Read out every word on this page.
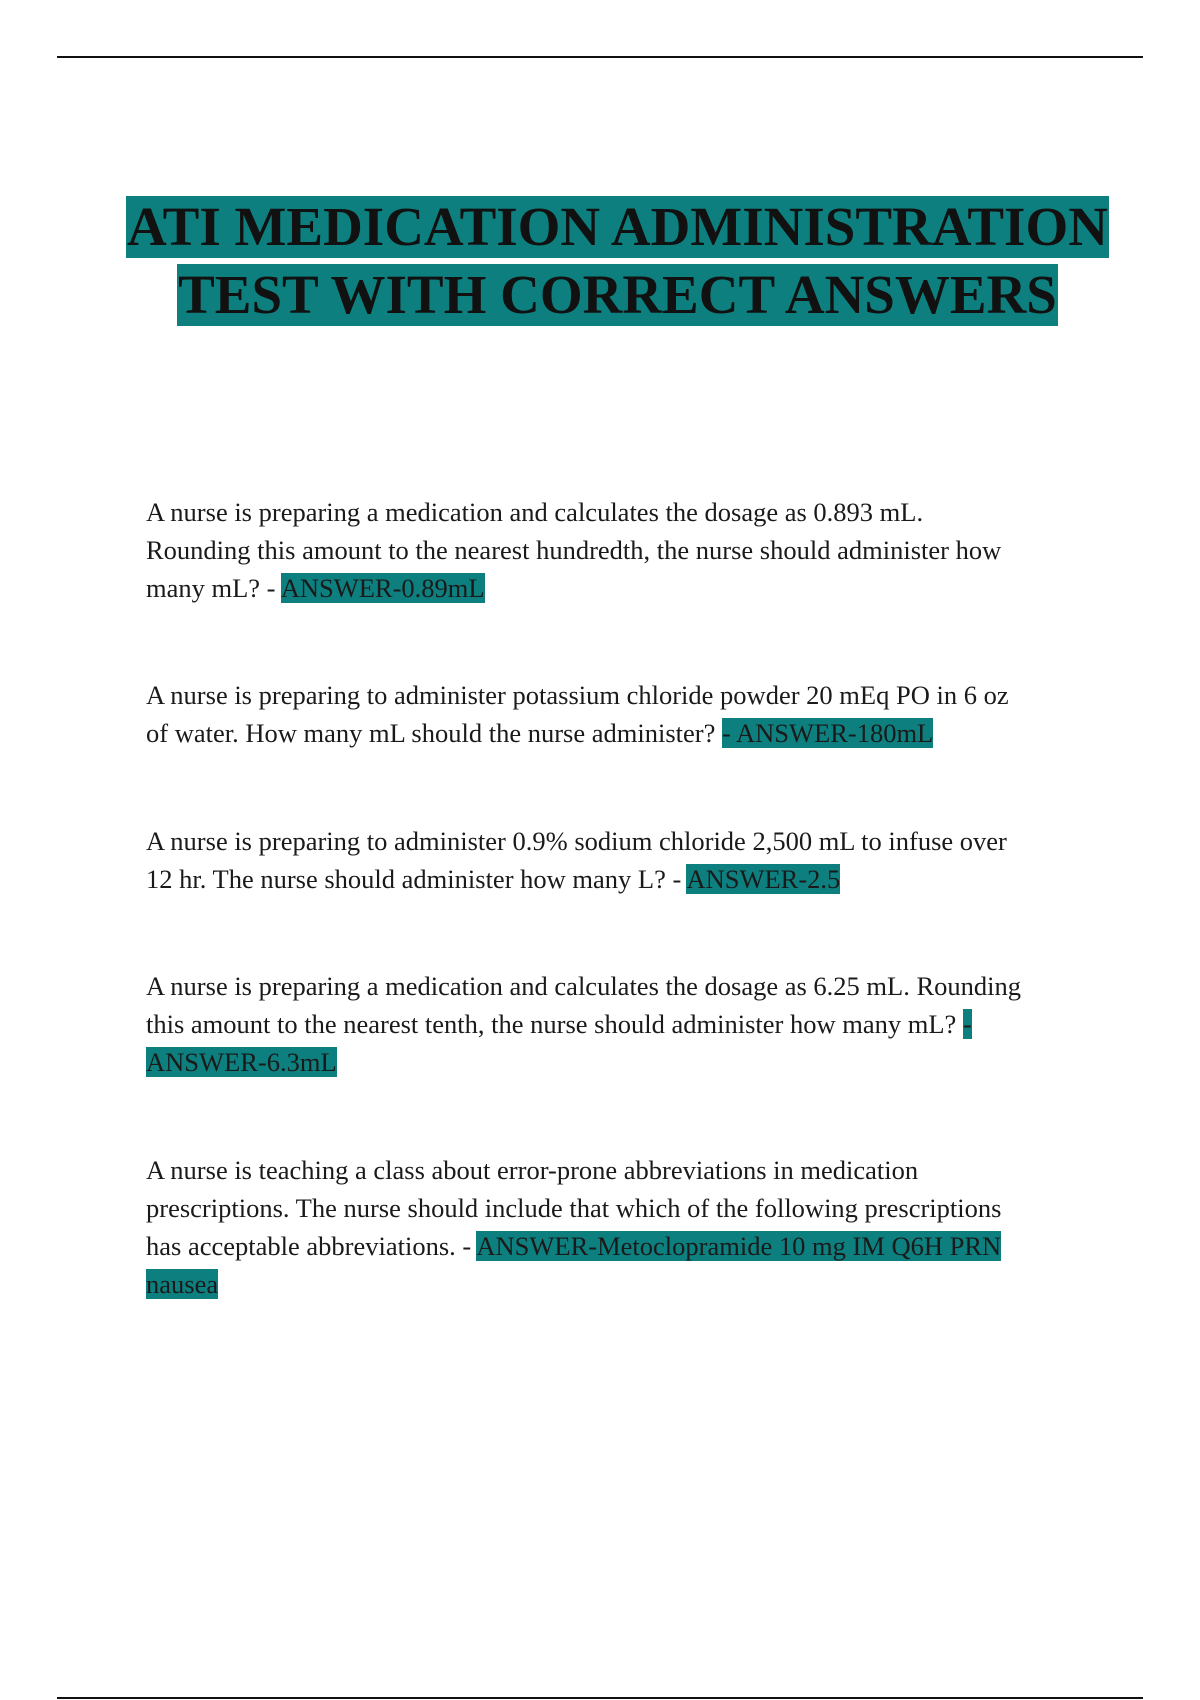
ATI MEDICATION ADMINISTRATION
TEST WITH CORRECT ANSWERS
A nurse is preparing a medication and calculates the dosage as 0.893 mL.
Rounding this amount to the nearest hundredth, the nurse should administer how
many mL? - ANSWER-0.89mL
A nurse is preparing to administer potassium chloride powder 20 mEq PO in 6 oz
of water. How many mL should the nurse administer? - ANSWER-180mL
A nurse is preparing to administer 0.9% sodium chloride 2,500 mL to infuse over
12 hr. The nurse should administer how many L? - ANSWER-2.5
A nurse is preparing a medication and calculates the dosage as 6.25 mL. Rounding
this amount to the nearest tenth, the nurse should administer how many mL? -
ANSWER-6.3mL
A nurse is teaching a class about error-prone abbreviations in medication
prescriptions. The nurse should include that which of the following prescriptions
has acceptable abbreviations. - ANSWER-Metoclopramide 10 mg IM Q6H PRN
nausea
